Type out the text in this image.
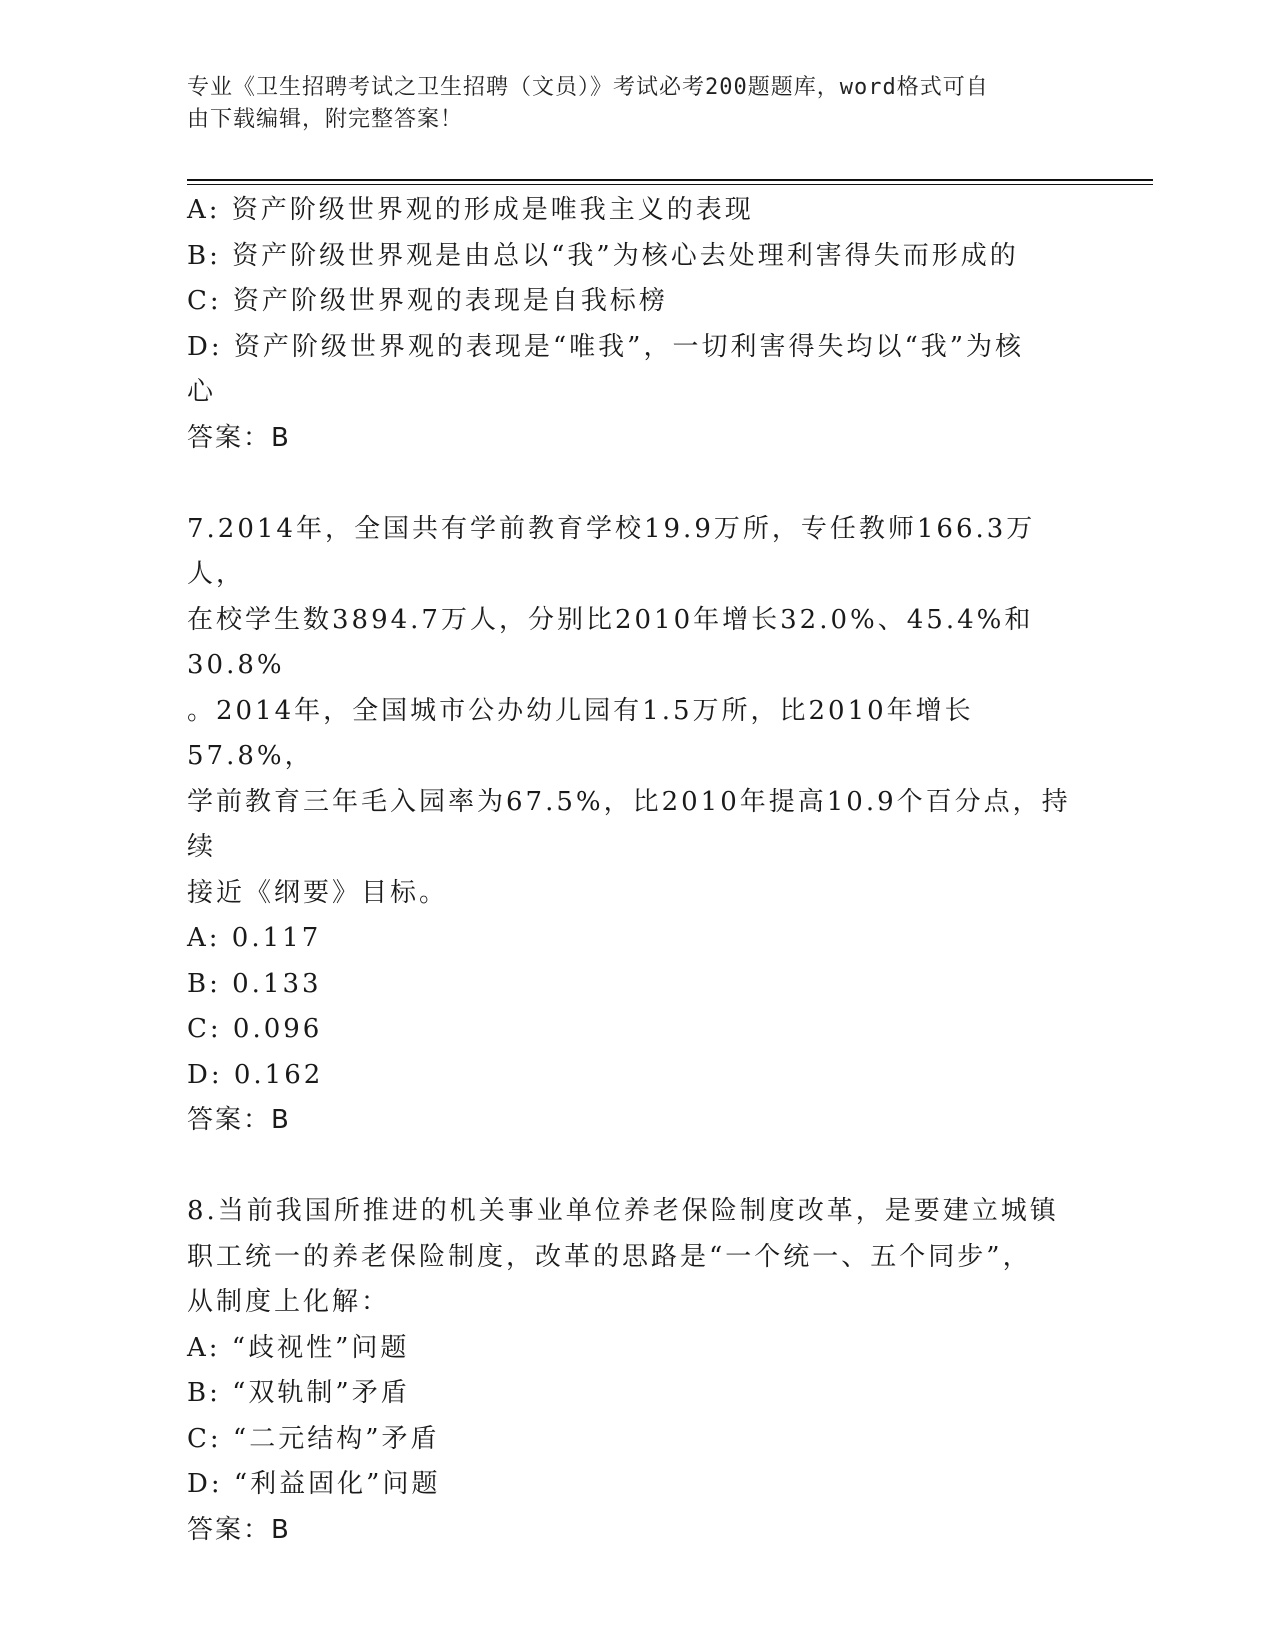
专业《卫生招聘考试之卫生招聘（文员）》考试必考200题题库，word格式可自
由下载编辑，附完整答案！

A: 资产阶级世界观的形成是唯我主义的表现

B: 资产阶级世界观是由总以“我”为核心去处理利害得失而形成的

C: 资产阶级世界观的表现是自我标榜

D: 资产阶级世界观的表现是“唯我”，一切利害得失均以“我”为核

心

答案：B

7.2014年，全国共有学前教育学校19.9万所，专任教师166.3万人，

在校学生数3894.7万人，分别比2010年增长32.0%、45.4%和30.8%

。2014年，全国城市公办幼儿园有1.5万所，比2010年增长57.8%，

学前教育三年毛入园率为67.5%，比2010年提高10.9个百分点，持续

接近《纲要》目标。

A: 0.117

B: 0.133

C: 0.096

D: 0.162

答案：B

8.当前我国所推进的机关事业单位养老保险制度改革，是要建立城镇

职工统一的养老保险制度，改革的思路是“一个统一、五个同步”，

从制度上化解：

A: “歧视性”问题

B: “双轨制”矛盾

C: “二元结构”矛盾

D: “利益固化”问题

答案：B
